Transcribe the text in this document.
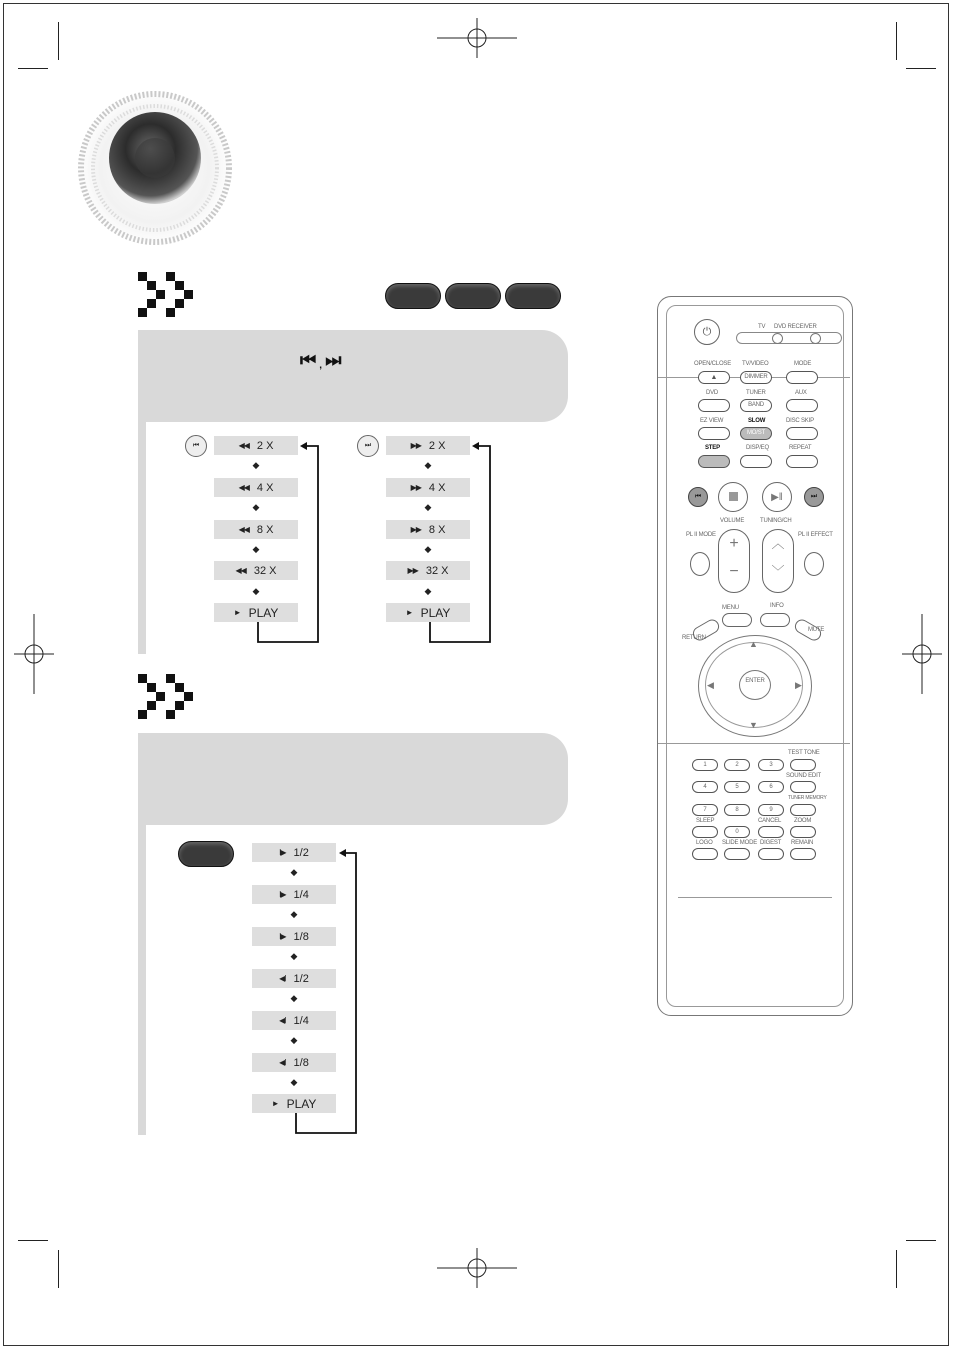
⏮ ⏭
⏮	◀◀ 2 X
◆
◀◀ 4 X
◆
◀◀ 8 X
◆
◀◀ 32 X
◆
► PLAY
⏭	▶▶ 2 X
◆
▶▶ 4 X
◆
▶▶ 8 X
◆
▶▶ 32 X
◆
► PLAY
I▶ 1/2
◆
I▶ 1/4
◆
I▶ 1/8
◆
◀I 1/2
◆
◀I 1/4
◆
◀I 1/8
◆
► PLAY
⏻	TV DVD RECEIVER
OPEN/CLOSE TV/VIDEO	MODE
▲	DIMMER
DVD	TUNER	AUX
BAND
EZ VIEW	SLOW	DISC SKIP
MO/ST
STEP	DISP/EQ	REPEAT
⏮	▶ǁ	⏭
VOLUME	TUNING/CH
+
−
︿
﹀
PL II MODE	PL II EFFECT
MENU	INFO
RETURN
MUTE
▲
▼
◀	▶
ENTER
1	2	3
TEST TONE
4	5	6
SOUND EDIT
7	8	9
TUNER MEMORY
SLEEP	CANCEL ZOOM
0
LOGO SLIDE MODE DIGEST REMAIN
